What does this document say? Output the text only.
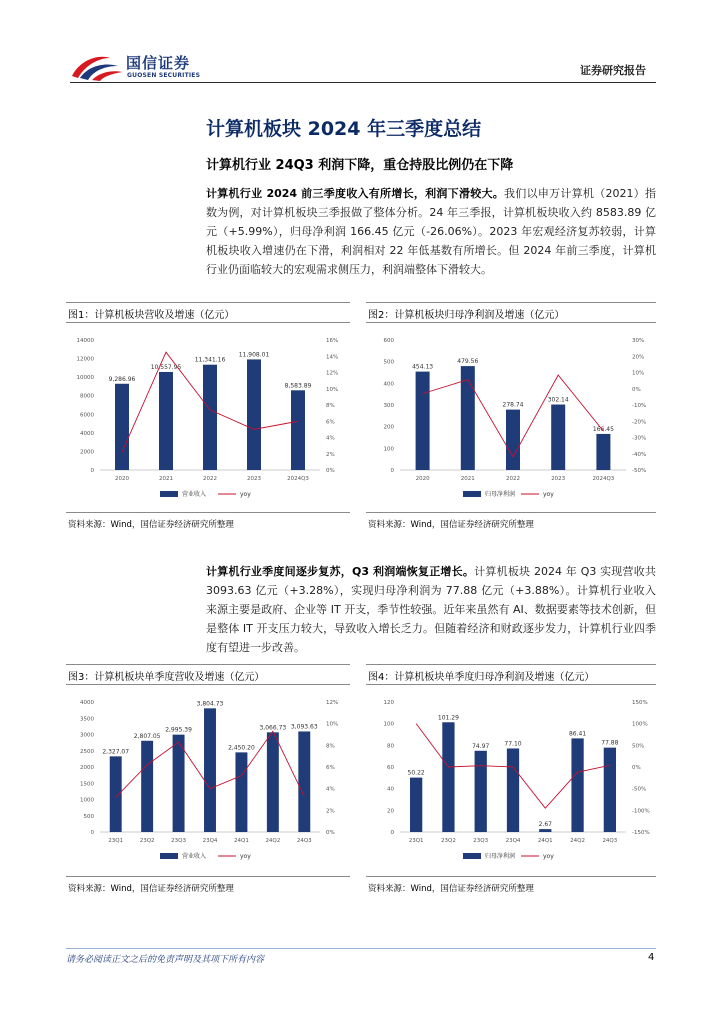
国信证券
GUOSEN SECURITIES	证券研究报告
计算机板块 2024 年三季度总结
计算机行业 24Q3 利润下降，重仓持股比例仍在下降
计算机行业 2024 前三季度收入有所增长，利润下滑较大。我们以申万计算机（2021）指数为例，对计算机板块三季报做了整体分析。24 年三季报，计算机板块收入约 8583.89 亿元（+5.99%），归母净利润 166.45 亿元（-26.06%）。2023 年宏观经济复苏较弱，计算机板块收入增速仍在下滑，利润相对 22 年低基数有所增长。但 2024 年前三季度，计算机行业仍面临较大的宏观需求侧压力，利润端整体下滑较大。
图1：计算机板块营收及增速（亿元）
0
2000
4000
6000
8000
10000
12000
14000
0%
2%
4%
6%
8%
10%
12%
14%
16%
9,286.96
2020
10,557.95
2021
11,341.16
2022
11,908.01
2023
8,583.89
2024Q3
营业收入	yoy
资料来源：Wind，国信证券经济研究所整理
图2：计算机板块归母净利润及增速（亿元）
0
100
200
300
400
500
600
-50%
-40%
-30%
-20%
-10%
0%
10%
20%
30%
454.13
2020
479.56
2021
278.74
2022
302.14
2023
166.45
2024Q3
归母净利润	yoy
资料来源：Wind，国信证券经济研究所整理
计算机行业季度间逐步复苏，Q3 利润端恢复正增长。计算机板块 2024 年 Q3 实现营收共 3093.63 亿元（+3.28%），实现归母净利润为 77.88 亿元（+3.88%）。计算机行业收入来源主要是政府、企业等 IT 开支，季节性较强。近年来虽然有 AI、数据要素等技术创新，但是整体 IT 开支压力较大，导致收入增长乏力。但随着经济和财政逐步发力，计算机行业四季度有望进一步改善。
图3：计算机板块单季度营收及增速（亿元）
0
500
1000
1500
2000
2500
3000
3500
4000
0%
2%
4%
6%
8%
10%
12%
2,327.07
23Q1
2,807.05
23Q2
2,995.39
23Q3
3,804.73
23Q4
2,450.20
24Q1
3,066.73
24Q2
3,093.63
24Q3
营业收入	yoy
资料来源：Wind，国信证券经济研究所整理
图4：计算机板块单季度归母净利润及增速（亿元）
0
20
40
60
80
100
120
-150%
-100%
-50%
0%
50%
100%
150%
50.22
23Q1
101.29
23Q2
74.97
23Q3
77.10
23Q4
2.67
24Q1
86.41
24Q2
77.88
24Q3
归母净利润	yoy
资料来源：Wind，国信证券经济研究所整理
请务必阅读正文之后的免责声明及其项下所有内容	4
